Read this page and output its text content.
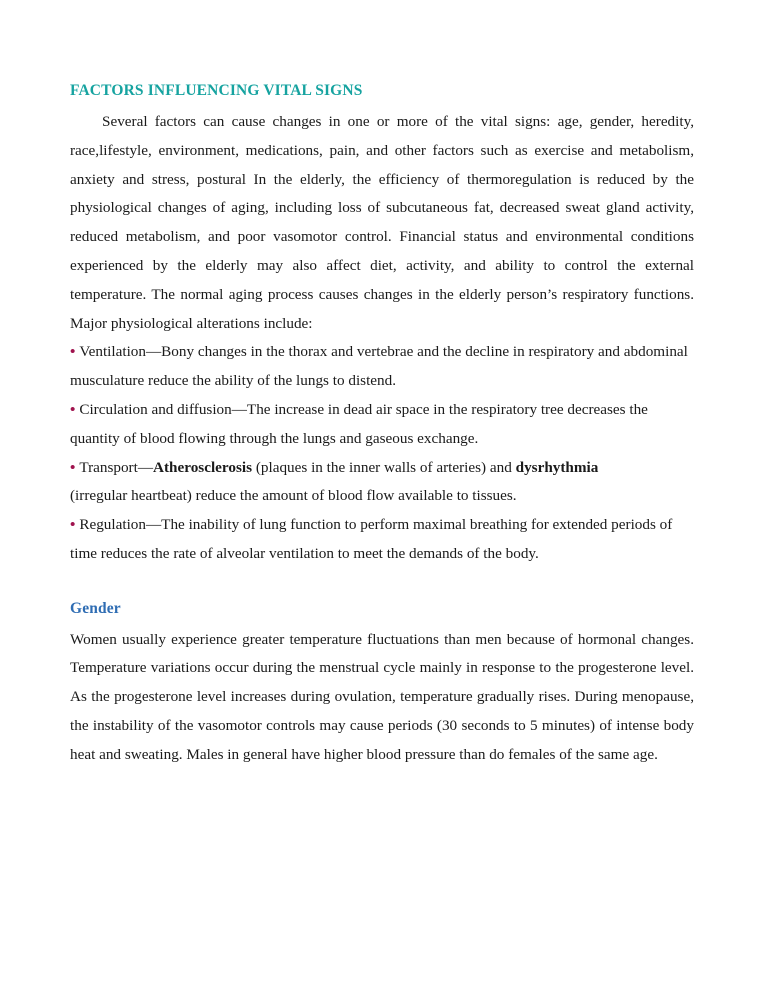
FACTORS INFLUENCING VITAL SIGNS

Several factors can cause changes in one or more of the vital signs: age, gender, heredity, race,lifestyle, environment, medications, pain, and other factors such as exercise and metabolism, anxiety and stress, postural In the elderly, the efficiency of thermoregulation is reduced by the physiological changes of aging, including loss of subcutaneous fat, decreased sweat gland activity, reduced metabolism, and poor vasomotor control. Financial status and environmental conditions experienced by the elderly may also affect diet, activity, and ability to control the external temperature. The normal aging process causes changes in the elderly person’s respiratory functions. Major physiological alterations include:

• Ventilation—Bony changes in the thorax and vertebrae and the decline in respiratory and abdominal

musculature reduce the ability of the lungs to distend.

• Circulation and diffusion—The increase in dead air space in the respiratory tree decreases the quantity of blood flowing through the lungs and gaseous exchange.

• Transport—Atherosclerosis (plaques in the inner walls of arteries) and dysrhythmia

(irregular heartbeat) reduce the amount of blood flow available to tissues.

• Regulation—The inability of lung function to perform maximal breathing for extended periods of

time reduces the rate of alveolar ventilation to meet the demands of the body.

Gender

Women usually experience greater temperature fluctuations than men because of hormonal changes. Temperature variations occur during the menstrual cycle mainly in response to the progesterone level. As the progesterone level increases during ovulation, temperature gradually rises. During menopause, the instability of the vasomotor controls may cause periods (30 seconds to 5 minutes) of intense body heat and sweating. Males in general have higher blood pressure than do females of the same age.
